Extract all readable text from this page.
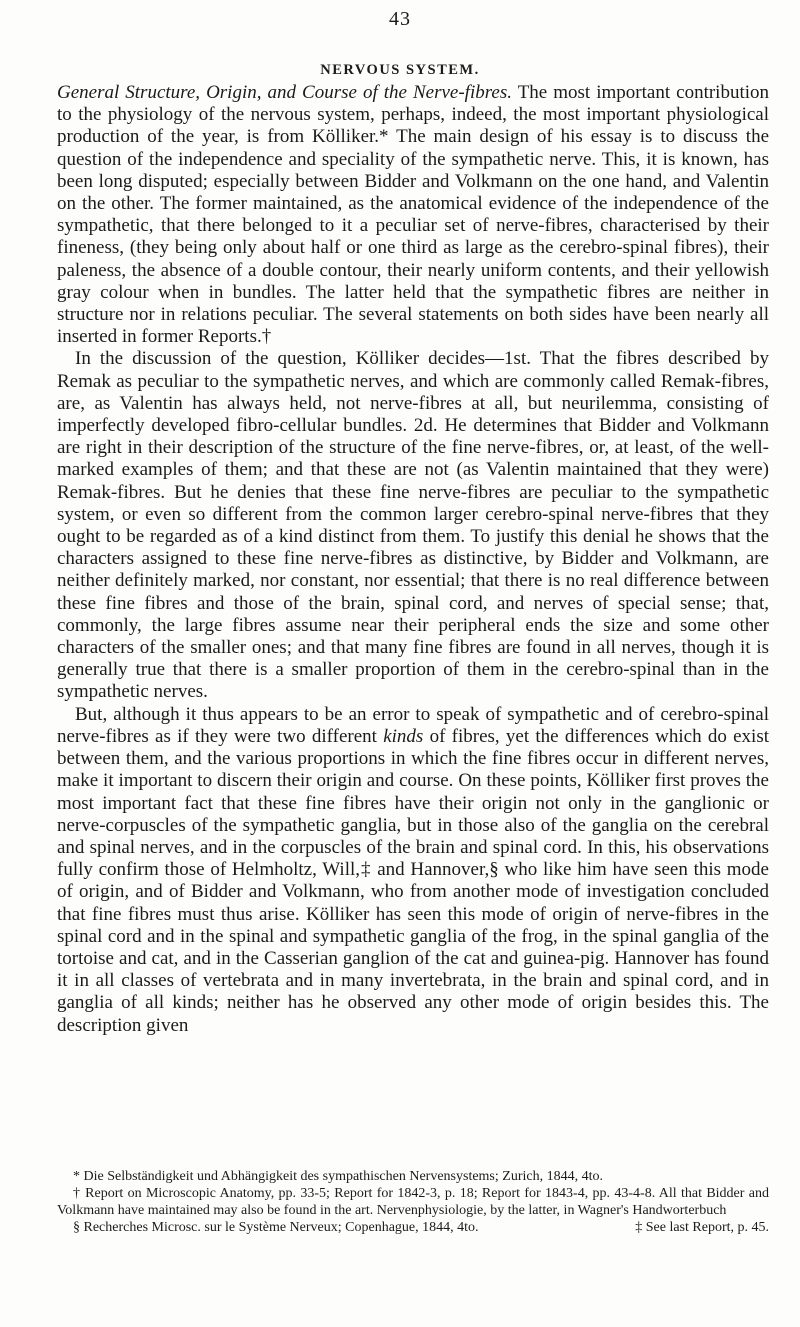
43
NERVOUS SYSTEM.

General Structure, Origin, and Course of the Nerve-fibres. The most important contribution to the physiology of the nervous system, perhaps, indeed, the most important physiological production of the year, is from Kölliker.* The main design of his essay is to discuss the question of the independence and speciality of the sympathetic nerve. This, it is known, has been long disputed; especially between Bidder and Volkmann on the one hand, and Valentin on the other. The former maintained, as the anatomical evidence of the independence of the sympathetic, that there belonged to it a peculiar set of nerve-fibres, characterised by their fineness, (they being only about half or one third as large as the cerebro-spinal fibres), their paleness, the absence of a double contour, their nearly uniform contents, and their yellowish gray colour when in bundles. The latter held that the sympathetic fibres are neither in structure nor in relations peculiar. The several statements on both sides have been nearly all inserted in former Reports.†

In the discussion of the question, Kölliker decides—1st. That the fibres described by Remak as peculiar to the sympathetic nerves, and which are commonly called Remak-fibres, are, as Valentin has always held, not nerve-fibres at all, but neurilemma, consisting of imperfectly developed fibro-cellular bundles. 2d. He determines that Bidder and Volkmann are right in their description of the structure of the fine nerve-fibres, or, at least, of the well-marked examples of them; and that these are not (as Valentin maintained that they were) Remak-fibres. But he denies that these fine nerve-fibres are peculiar to the sympathetic system, or even so different from the common larger cerebro-spinal nerve-fibres that they ought to be regarded as of a kind distinct from them. To justify this denial he shows that the characters assigned to these fine nerve-fibres as distinctive, by Bidder and Volkmann, are neither definitely marked, nor constant, nor essential; that there is no real difference between these fine fibres and those of the brain, spinal cord, and nerves of special sense; that, commonly, the large fibres assume near their peripheral ends the size and some other characters of the smaller ones; and that many fine fibres are found in all nerves, though it is generally true that there is a smaller proportion of them in the cerebro-spinal than in the sympathetic nerves.

But, although it thus appears to be an error to speak of sympathetic and of cerebro-spinal nerve-fibres as if they were two different kinds of fibres, yet the differences which do exist between them, and the various proportions in which the fine fibres occur in different nerves, make it important to discern their origin and course. On these points, Kölliker first proves the most important fact that these fine fibres have their origin not only in the ganglionic or nerve-corpuscles of the sympathetic ganglia, but in those also of the ganglia on the cerebral and spinal nerves, and in the corpuscles of the brain and spinal cord. In this, his observations fully confirm those of Helmholtz, Will,‡ and Hannover,§ who like him have seen this mode of origin, and of Bidder and Volkmann, who from another mode of investigation concluded that fine fibres must thus arise. Kölliker has seen this mode of origin of nerve-fibres in the spinal cord and in the spinal and sympathetic ganglia of the frog, in the spinal ganglia of the tortoise and cat, and in the Casserian ganglion of the cat and guinea-pig. Hannover has found it in all classes of vertebrata and in many invertebrata, in the brain and spinal cord, and in ganglia of all kinds; neither has he observed any other mode of origin besides this. The description given

* Die Selbständigkeit und Abhängigkeit des sympathischen Nervensystems; Zurich, 1844, 4to.

† Report on Microscopic Anatomy, pp. 33-5; Report for 1842-3, p. 18; Report for 1843-4, pp. 43-4-8. All that Bidder and Volkmann have maintained may also be found in the art. Nervenphysiologie, by the latter, in Wagner's Handworterbuch
‡ See last Report, p. 45.

§ Recherches Microsc. sur le Système Nerveux; Copenhague, 1844, 4to.
